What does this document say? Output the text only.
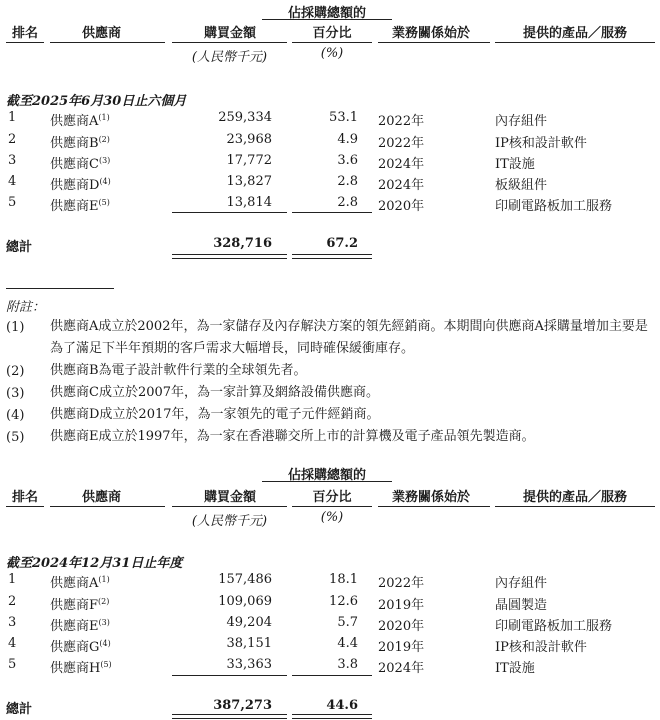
佔採購總額的
排名	供應商	購買金額	百分比	業務關係始於	提供的產品／服務
(人民幣千元)	(%)
截至2025年6月30日止六個月
1	供應商$A^{(1)}$	259,334	53.1 2022年	內存組件
2	供應商$B^{(2)}$	23,968	4.9 2022年	IP核和設計軟件
3	供應商$C^{(3)}$	17,772	3.6 2024年	IT設施
4	供應商$D^{(4)}$	13,827	2.8 2024年	板級組件
5	供應商$E^{(5)}$	13,814	2.8 2020年	印刷電路板加工服務
總計	328,716	67.2
附註：
(1) 供應商A成立於2002年，為一家儲存及內存解決方案的領先經銷商。本期間向供應商A採購量增加主要是為了滿足下半年預期的客戶需求大幅增長，同時確保緩衝庫存。
(2) 供應商B為電子設計軟件行業的全球領先者。
(3) 供應商C成立於2007年，為一家計算及網絡設備供應商。
(4) 供應商D成立於2017年，為一家領先的電子元件經銷商。
(5) 供應商E成立於1997年，為一家在香港聯交所上市的計算機及電子產品領先製造商。
佔採購總額的
排名	供應商	購買金額	百分比	業務關係始於	提供的產品／服務
(人民幣千元)	(%)
截至2024年12月31日止年度
1	供應商$A^{(1)}$	157,486	18.1 2022年	內存組件
2	供應商$F^{(2)}$	109,069	12.6 2019年	晶圓製造
3	供應商$E^{(3)}$	49,204	5.7 2020年	印刷電路板加工服務
4	供應商$G^{(4)}$	38,151	4.4 2019年	IP核和設計軟件
5	供應商$H^{(5)}$	33,363	3.8 2024年	IT設施
總計	387,273	44.6
